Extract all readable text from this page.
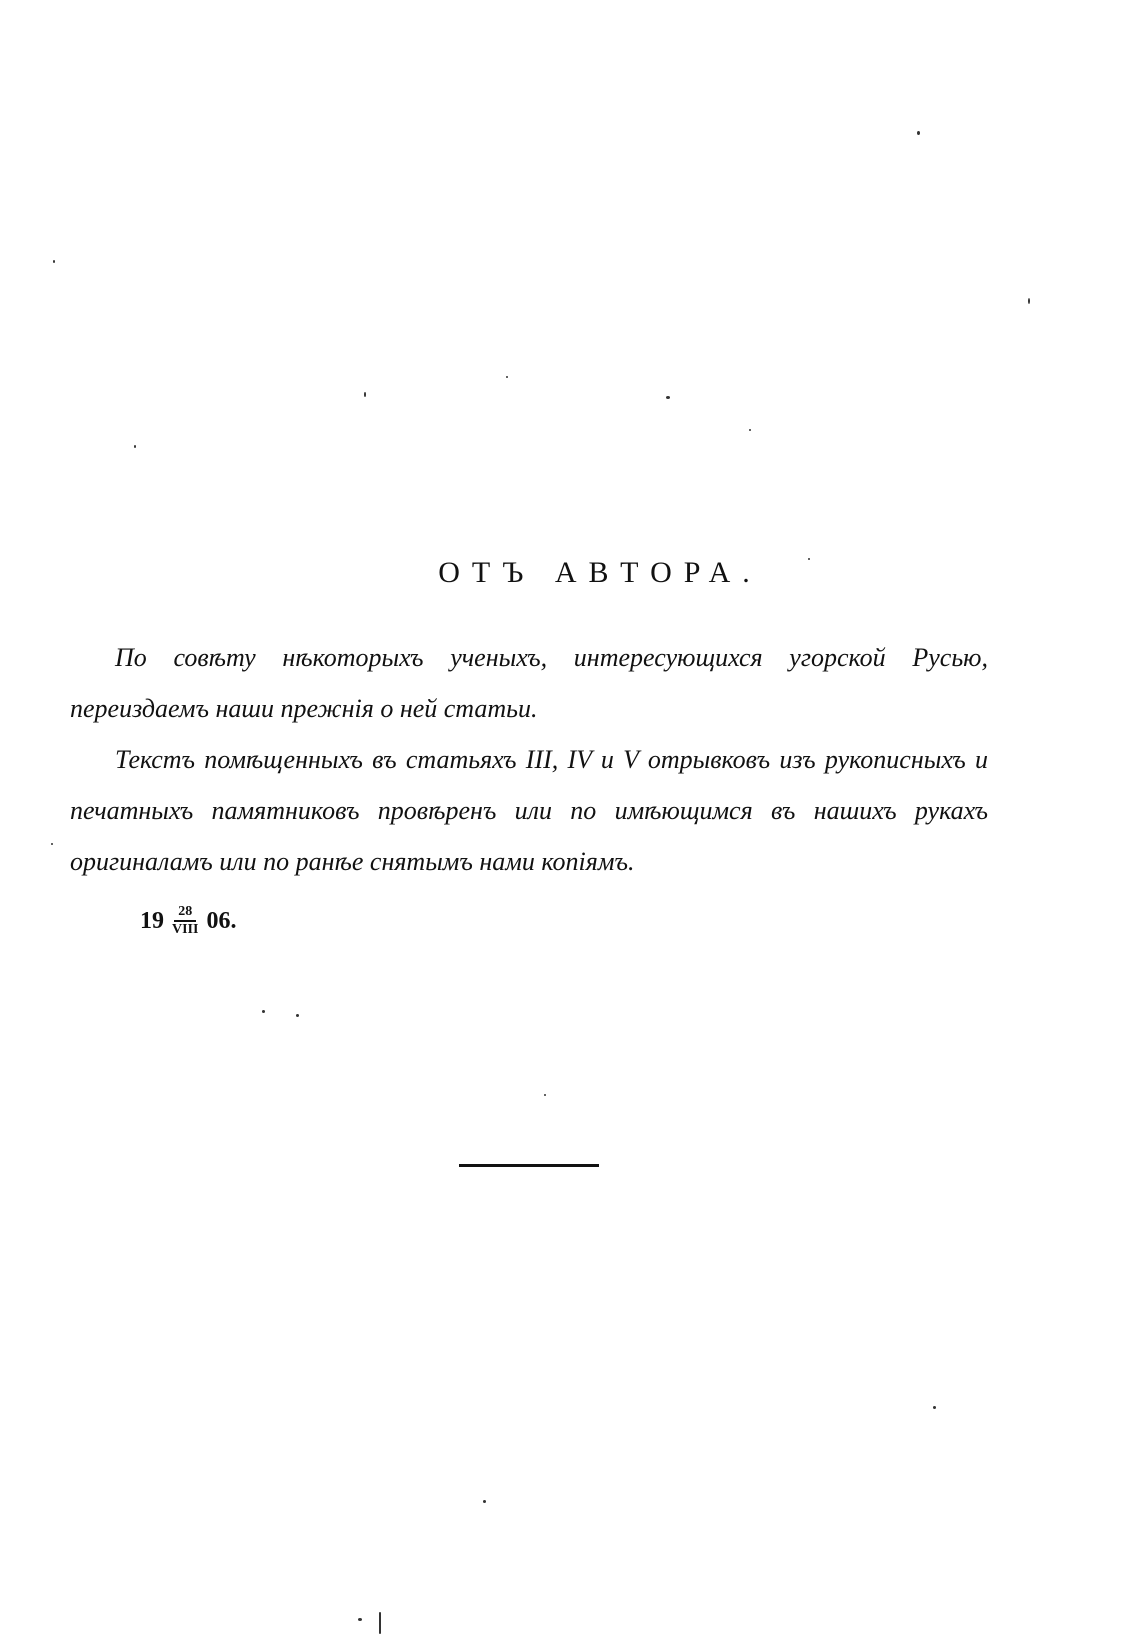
ОТЪ АВТОРА.

По совѣту нѣкоторыхъ ученыхъ, интересующихся угорской Русью, переиздаемъ наши прежнія о ней статьи.

Текстъ помѣщенныхъ въ статьяхъ III, IV и V отрывковъ изъ рукописныхъ и печатныхъ памятниковъ провѣренъ или по имѣющимся въ нашихъ рукахъ оригиналамъ или по ранѣе снятымъ нами копіямъ.

$19 \frac{28}{\text{VIII}} 06$.
